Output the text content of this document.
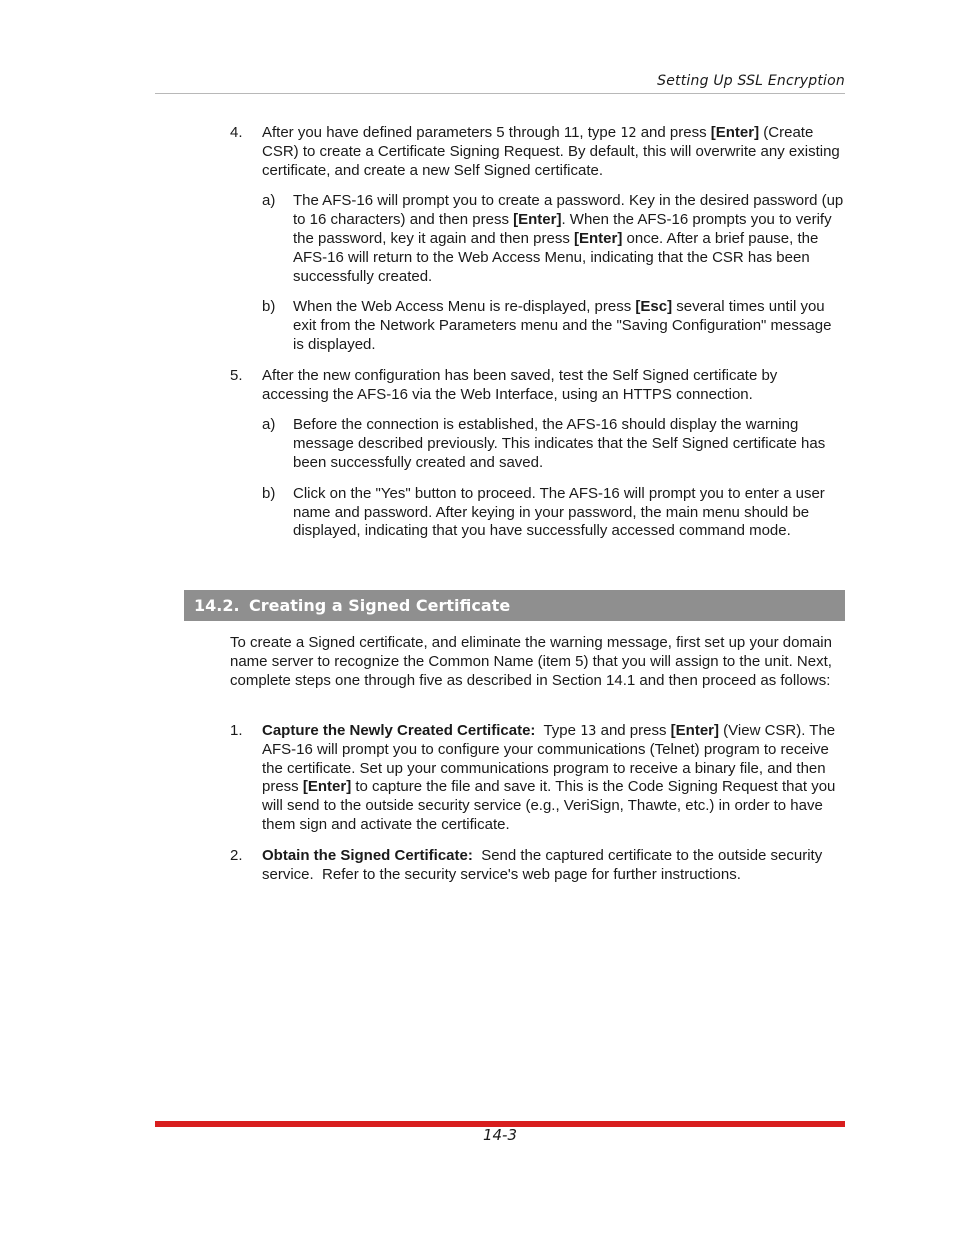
Setting Up SSL Encryption
4. After you have defined parameters 5 through 11, type 12 and press [Enter] (Create CSR) to create a Certificate Signing Request. By default, this will overwrite any existing certificate, and create a new Self Signed certificate.
a) The AFS-16 will prompt you to create a password. Key in the desired password (up to 16 characters) and then press [Enter]. When the AFS-16 prompts you to verify the password, key it again and then press [Enter] once. After a brief pause, the AFS-16 will return to the Web Access Menu, indicating that the CSR has been successfully created.
b) When the Web Access Menu is re-displayed, press [Esc] several times until you exit from the Network Parameters menu and the "Saving Configuration" message is displayed.
5. After the new configuration has been saved, test the Self Signed certificate by accessing the AFS-16 via the Web Interface, using an HTTPS connection.
a) Before the connection is established, the AFS-16 should display the warning message described previously. This indicates that the Self Signed certificate has been successfully created and saved.
b) Click on the "Yes" button to proceed. The AFS-16 will prompt you to enter a user name and password. After keying in your password, the main menu should be displayed, indicating that you have successfully accessed command mode.
14.2. Creating a Signed Certificate
To create a Signed certificate, and eliminate the warning message, first set up your domain name server to recognize the Common Name (item 5) that you will assign to the unit. Next, complete steps one through five as described in Section 14.1 and then proceed as follows:
1. Capture the Newly Created Certificate:  Type 13 and press [Enter] (View CSR). The AFS-16 will prompt you to configure your communications (Telnet) program to receive the certificate. Set up your communications program to receive a binary file, and then press [Enter] to capture the file and save it. This is the Code Signing Request that you will send to the outside security service (e.g., VeriSign, Thawte, etc.) in order to have them sign and activate the certificate.
2. Obtain the Signed Certificate:  Send the captured certificate to the outside security service.  Refer to the security service's web page for further instructions.
14-3
